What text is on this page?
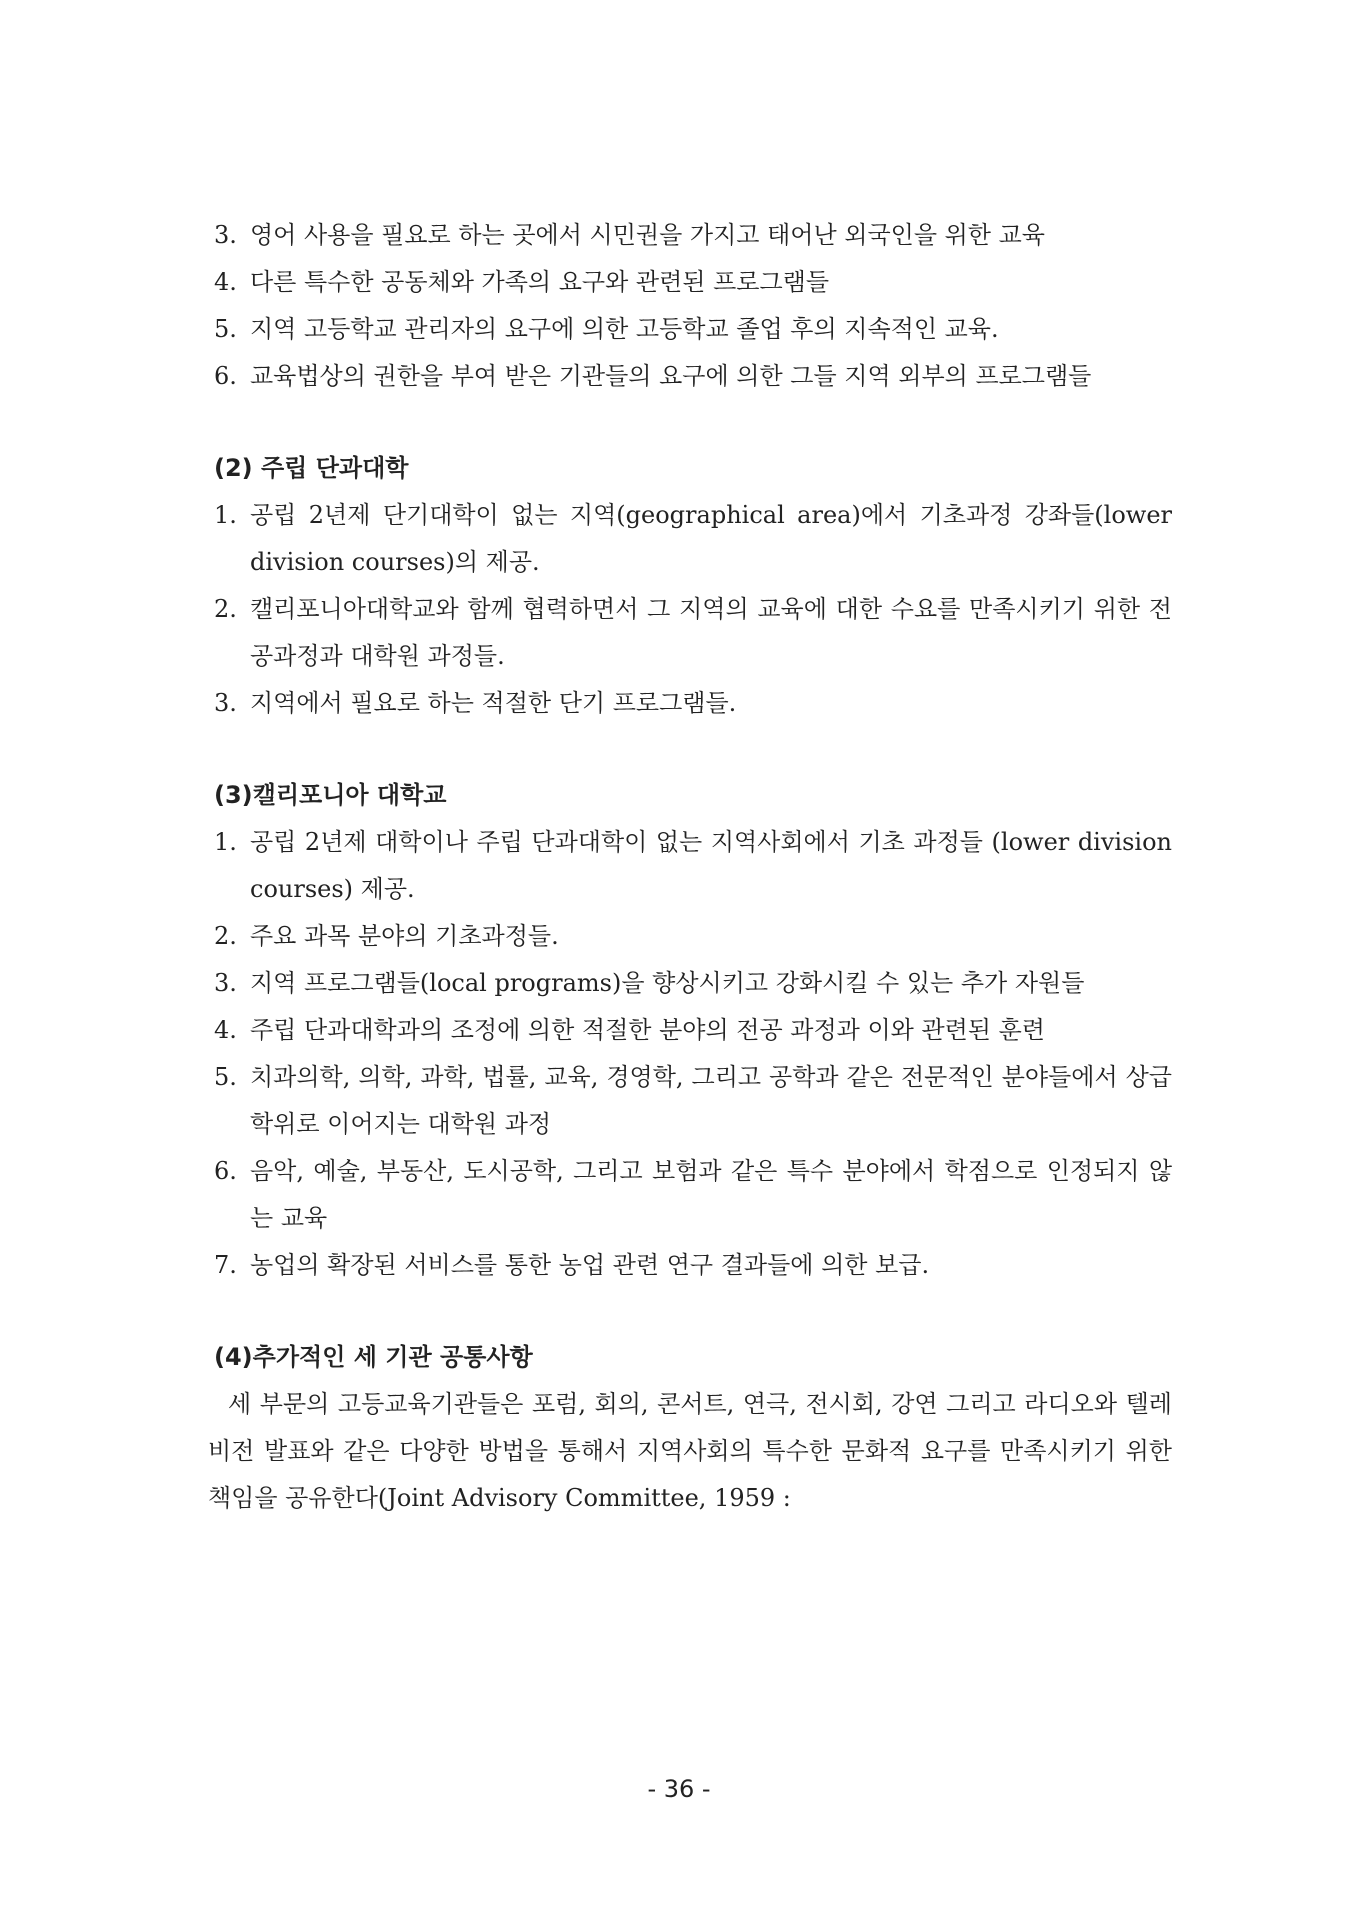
3. 영어 사용을 필요로 하는 곳에서 시민권을 가지고 태어난 외국인을 위한 교육
4. 다른 특수한 공동체와 가족의 요구와 관련된 프로그램들
5. 지역 고등학교 관리자의 요구에 의한 고등학교 졸업 후의 지속적인 교육.
6. 교육법상의 권한을 부여 받은 기관들의 요구에 의한 그들 지역 외부의 프로그램들
(2) 주립 단과대학
1. 공립 2년제 단기대학이 없는 지역(geographical area)에서 기초과정 강좌들(lower division courses)의 제공.
2. 캘리포니아대학교와 함께 협력하면서 그 지역의 교육에 대한 수요를 만족시키기 위한 전공과정과 대학원 과정들.
3. 지역에서 필요로 하는 적절한 단기 프로그램들.
(3)캘리포니아 대학교
1. 공립 2년제 대학이나 주립 단과대학이 없는 지역사회에서 기초 과정들 (lower division courses) 제공.
2. 주요 과목 분야의 기초과정들.
3. 지역 프로그램들(local programs)을 향상시키고 강화시킬 수 있는 추가 자원들
4. 주립 단과대학과의 조정에 의한 적절한 분야의 전공 과정과 이와 관련된 훈련
5. 치과의학, 의학, 과학, 법률, 교육, 경영학, 그리고 공학과 같은 전문적인 분야들에서 상급 학위로 이어지는 대학원 과정
6. 음악, 예술, 부동산, 도시공학, 그리고 보험과 같은 특수 분야에서 학점으로 인정되지 않는 교육
7. 농업의 확장된 서비스를 통한 농업 관련 연구 결과들에 의한 보급.
(4)추가적인 세 기관 공통사항

세 부문의 고등교육기관들은 포럼, 회의, 콘서트, 연극, 전시회, 강연 그리고 라디오와 텔레비전 발표와 같은 다양한 방법을 통해서 지역사회의 특수한 문화적 요구를 만족시키기 위한 책임을 공유한다(Joint Advisory Committee, 1959 :

- 36 -
